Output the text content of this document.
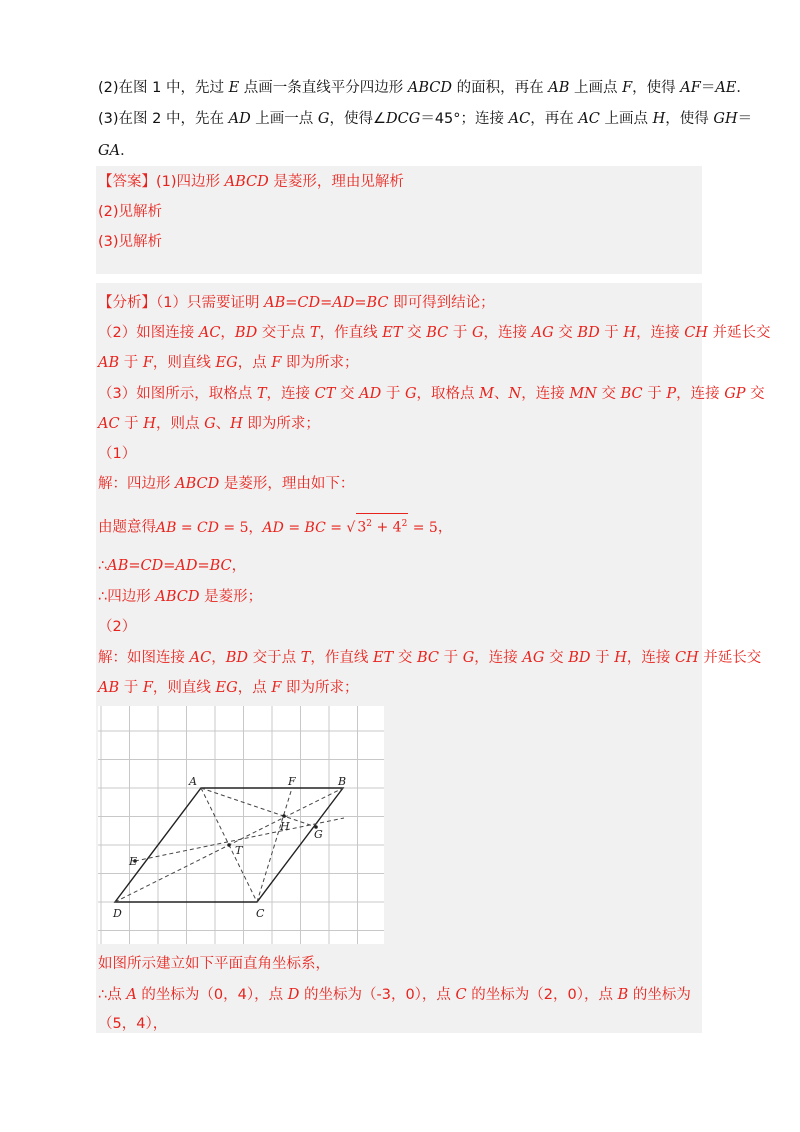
(2)在图 1 中，先过 E 点画一条直线平分四边形 ABCD 的面积，再在 AB 上画点 F，使得 AF＝AE．
(3)在图 2 中，先在 AD 上画一点 G，使得∠DCG＝45°；连接 AC，再在 AC 上画点 H，使得 GH＝
GA．
【答案】(1)四边形 ABCD 是菱形，理由见解析
(2)见解析
(3)见解析
【分析】（1）只需要证明 AB=CD=AD=BC 即可得到结论；
（2）如图连接 AC，BD 交于点 T，作直线 ET 交 BC 于 G，连接 AG 交 BD 于 H，连接 CH 并延长交
AB 于 F，则直线 EG，点 F 即为所求；
（3）如图所示，取格点 T，连接 CT 交 AD 于 G，取格点 M、N，连接 MN 交 BC 于 P，连接 GP 交
AC 于 H，则点 G、H 即为所求；
（1）
解：四边形 ABCD 是菱形，理由如下：
由题意得AB = CD = 5，AD = BC = √ $3^2 + 4^2 = 5$，
∴AB=CD=AD=BC，
∴四边形 ABCD 是菱形；
（2）
解：如图连接 AC，BD 交于点 T，作直线 ET 交 BC 于 G，连接 AG 交 BD 于 H，连接 CH 并延长交
AB 于 F，则直线 EG，点 F 即为所求；
A	B
C
D
E
F
G
H
T
如图所示建立如下平面直角坐标系，
∴点 A 的坐标为（0，4），点 D 的坐标为（-3，0），点 C 的坐标为（2，0），点 B 的坐标为
（5，4），
